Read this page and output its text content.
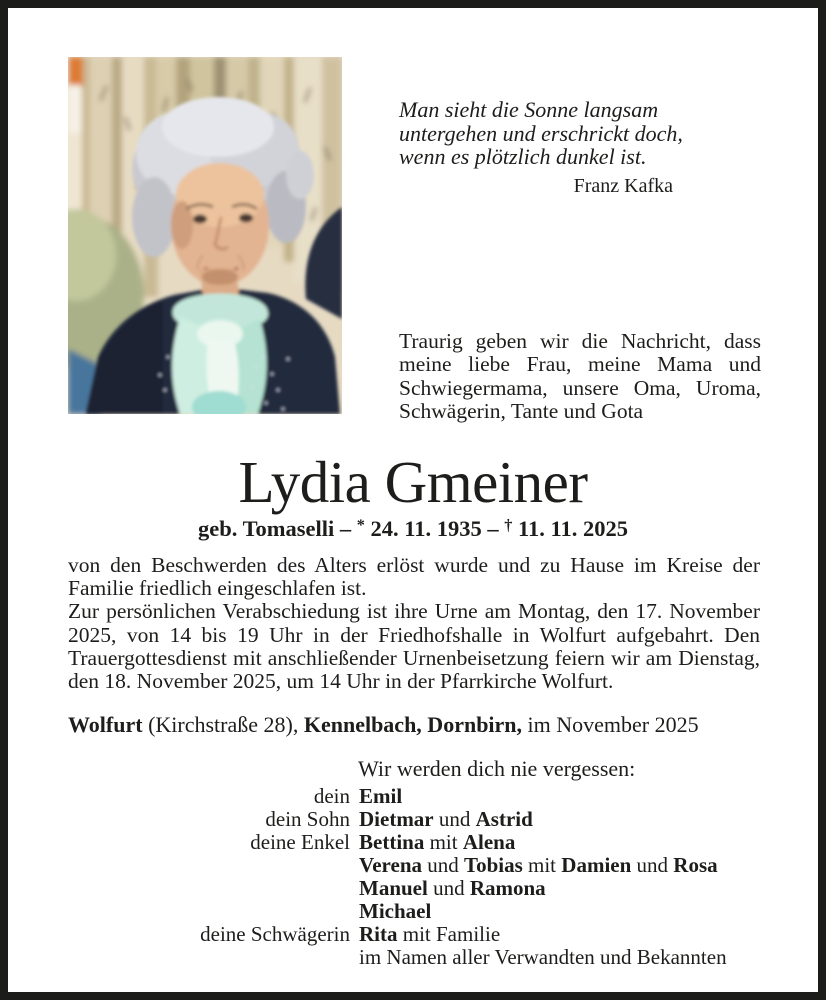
Man sieht die Sonne langsam
untergehen und erschrickt doch,
wenn es plötzlich dunkel ist.
Franz Kafka
Traurig geben wir die Nachricht, dass meine liebe Frau, meine Mama und Schwiegermama, unsere Oma, Uroma, Schwägerin, Tante und Gota
Lydia Gmeiner
geb. Tomaselli – * 24. 11. 1935 – † 11. 11. 2025

von den Beschwerden des Alters erlöst wurde und zu Hause im Kreise der Familie friedlich eingeschlafen ist.

Zur persönlichen Verabschiedung ist ihre Urne am Montag, den 17. November 2025, von 14 bis 19 Uhr in der Friedhofshalle in Wolfurt aufgebahrt. Den Trauergottesdienst mit anschließender Urnenbeisetzung feiern wir am Dienstag, den 18. November 2025, um 14 Uhr in der Pfarrkirche Wolfurt.

Wolfurt (Kirchstraße 28), Kennelbach, Dornbirn, im November 2025
Wir werden dich nie vergessen:
dein Emil
dein Sohn Dietmar und Astrid
deine Enkel Bettina mit Alena
Verena und Tobias mit Damien und Rosa
Manuel und Ramona
Michael
deine Schwägerin Rita mit Familie
im Namen aller Verwandten und Bekannten
